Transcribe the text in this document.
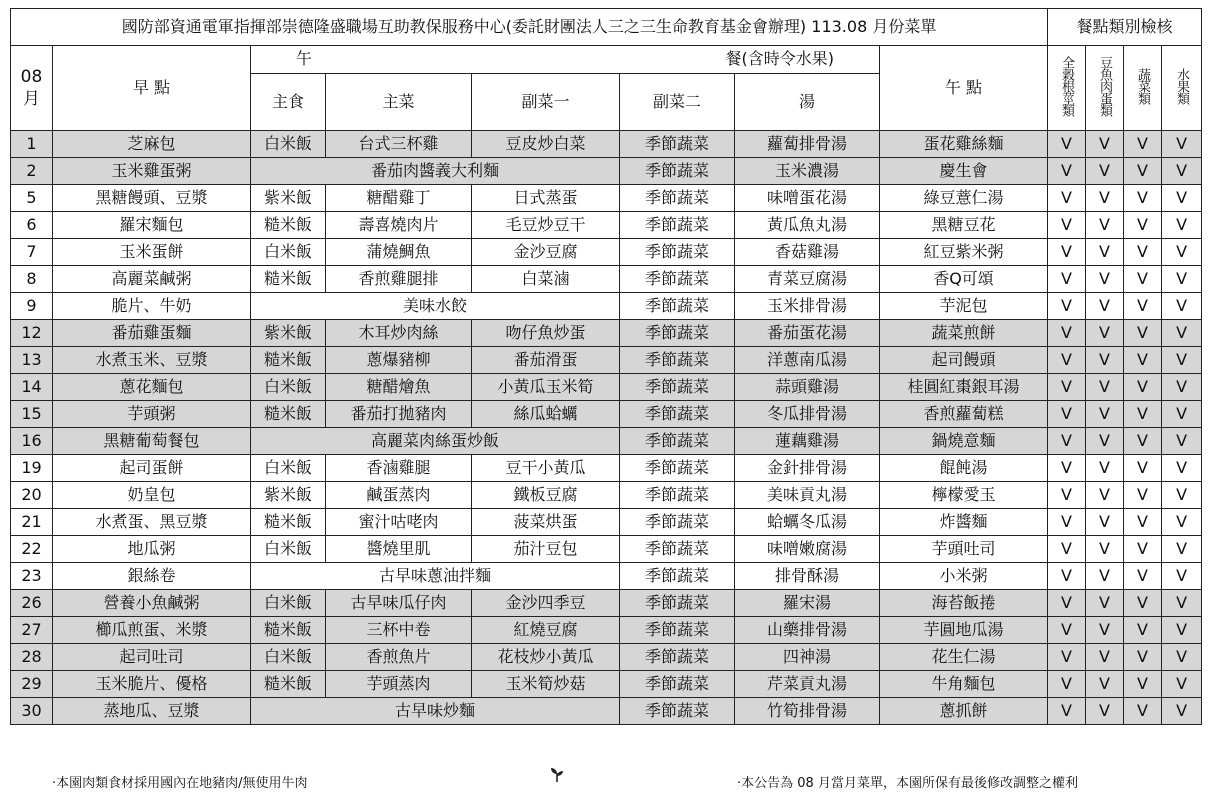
國防部資通電軍指揮部崇德隆盛職場互助教保服務中心(委託財團法人三之三生命教育基金會辦理) 113.08 月份菜單								餐點類別檢核			
08 月	早 點	午 餐(含時令水果)					午 點	全穀根莖類	豆魚肉蛋類	蔬菜類	水果類
		主食	主菜	副菜一	副菜二	湯					
1	芝麻包	白米飯	台式三杯雞	豆皮炒白菜	季節蔬菜	蘿蔔排骨湯	蛋花雞絲麵	V	V	V	V
2	玉米雞蛋粥	番茄肉醬義大利麵			季節蔬菜	玉米濃湯	慶生會	V	V	V	V
5	黑糖饅頭、豆漿	紫米飯	糖醋雞丁	日式蒸蛋	季節蔬菜	味噌蛋花湯	綠豆薏仁湯	V	V	V	V
6	羅宋麵包	糙米飯	壽喜燒肉片	毛豆炒豆干	季節蔬菜	黃瓜魚丸湯	黑糖豆花	V	V	V	V
7	玉米蛋餅	白米飯	蒲燒鯛魚	金沙豆腐	季節蔬菜	香菇雞湯	紅豆紫米粥	V	V	V	V
8	高麗菜鹹粥	糙米飯	香煎雞腿排	白菜滷	季節蔬菜	青菜豆腐湯	香Q可頌	V	V	V	V
9	脆片、牛奶	美味水餃			季節蔬菜	玉米排骨湯	芋泥包	V	V	V	V
12	番茄雞蛋麵	紫米飯	木耳炒肉絲	吻仔魚炒蛋	季節蔬菜	番茄蛋花湯	蔬菜煎餅	V	V	V	V
13	水煮玉米、豆漿	糙米飯	蔥爆豬柳	番茄滑蛋	季節蔬菜	洋蔥南瓜湯	起司饅頭	V	V	V	V
14	蔥花麵包	白米飯	糖醋燴魚	小黃瓜玉米筍	季節蔬菜	蒜頭雞湯	桂圓紅棗銀耳湯	V	V	V	V
15	芋頭粥	糙米飯	番茄打拋豬肉	絲瓜蛤蠣	季節蔬菜	冬瓜排骨湯	香煎蘿蔔糕	V	V	V	V
16	黑糖葡萄餐包	高麗菜肉絲蛋炒飯			季節蔬菜	蓮藕雞湯	鍋燒意麵	V	V	V	V
19	起司蛋餅	白米飯	香滷雞腿	豆干小黃瓜	季節蔬菜	金針排骨湯	餛飩湯	V	V	V	V
20	奶皇包	紫米飯	鹹蛋蒸肉	鐵板豆腐	季節蔬菜	美味貢丸湯	檸檬愛玉	V	V	V	V
21	水煮蛋、黑豆漿	糙米飯	蜜汁咕咾肉	菠菜烘蛋	季節蔬菜	蛤蠣冬瓜湯	炸醬麵	V	V	V	V
22	地瓜粥	白米飯	醬燒里肌	茄汁豆包	季節蔬菜	味噌嫩腐湯	芋頭吐司	V	V	V	V
23	銀絲卷	古早味蔥油拌麵			季節蔬菜	排骨酥湯	小米粥	V	V	V	V
26	營養小魚鹹粥	白米飯	古早味瓜仔肉	金沙四季豆	季節蔬菜	羅宋湯	海苔飯捲	V	V	V	V
27	櫛瓜煎蛋、米漿	糙米飯	三杯中卷	紅燒豆腐	季節蔬菜	山藥排骨湯	芋圓地瓜湯	V	V	V	V
28	起司吐司	白米飯	香煎魚片	花枝炒小黃瓜	季節蔬菜	四神湯	花生仁湯	V	V	V	V
29	玉米脆片、優格	糙米飯	芋頭蒸肉	玉米筍炒菇	季節蔬菜	芹菜貢丸湯	牛角麵包	V	V	V	V
30	蒸地瓜、豆漿	古早味炒麵			季節蔬菜	竹筍排骨湯	蔥抓餅	V	V	V	V
‧本園肉類食材採用國內在地豬肉/無使用牛肉	‧本公告為 08 月當月菜單，本園所保有最後修改調整之權利
